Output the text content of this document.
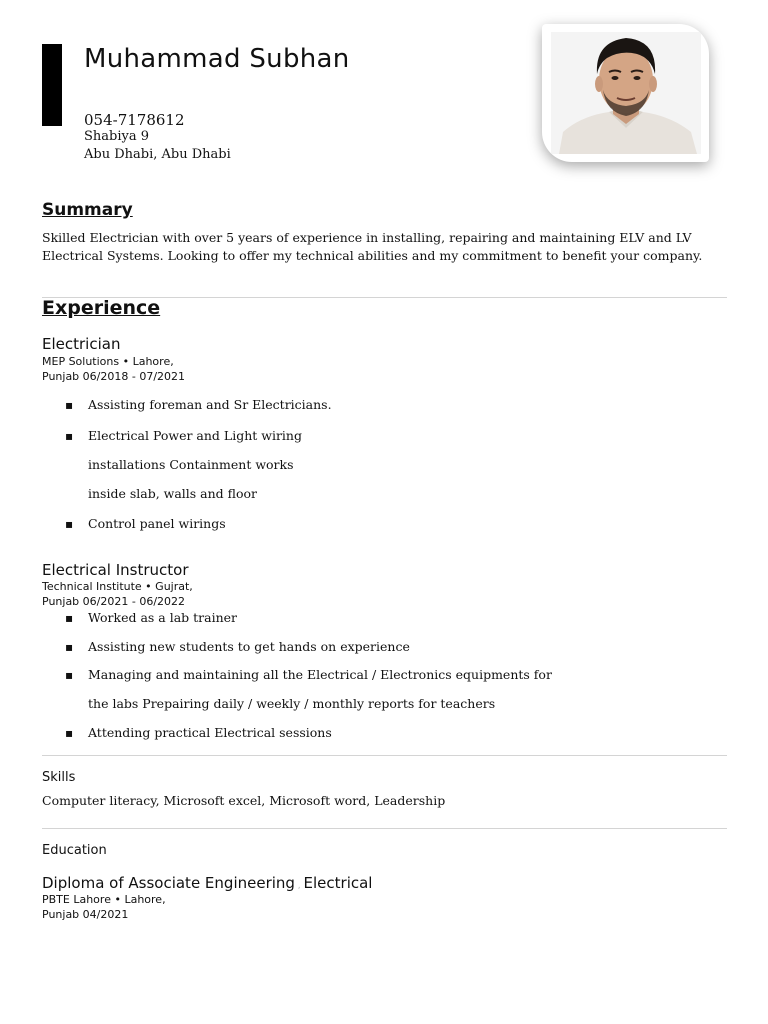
Muhammad Subhan
054-7178612
Shabiya 9
Abu Dhabi, Abu Dhabi
Summary
Skilled Electrician with over 5 years of experience in installing, repairing and maintaining ELV and LV Electrical Systems. Looking to offer my technical abilities and my commitment to benefit your company.
Experience
Electrician
MEP Solutions • Lahore,
Punjab 06/2018 - 07/2021
▪ Assisting foreman and Sr Electricians.
▪ Electrical Power and Light wiring
installations Containment works
inside slab, walls and floor
▪ Control panel wirings
Electrical Instructor
Technical Institute • Gujrat,
Punjab 06/2021 - 06/2022
▪ Worked as a lab trainer
▪ Assisting new students to get hands on experience
▪ Managing and maintaining all the Electrical / Electronics equipments for
the labs Prepairing daily / weekly / monthly reports for teachers
▪ Attending practical Electrical sessions
Skills
Computer literacy, Microsoft excel, Microsoft word, Leadership
Education
Diploma of Associate Engineering , Electrical
PBTE Lahore • Lahore,
Punjab 04/2021
